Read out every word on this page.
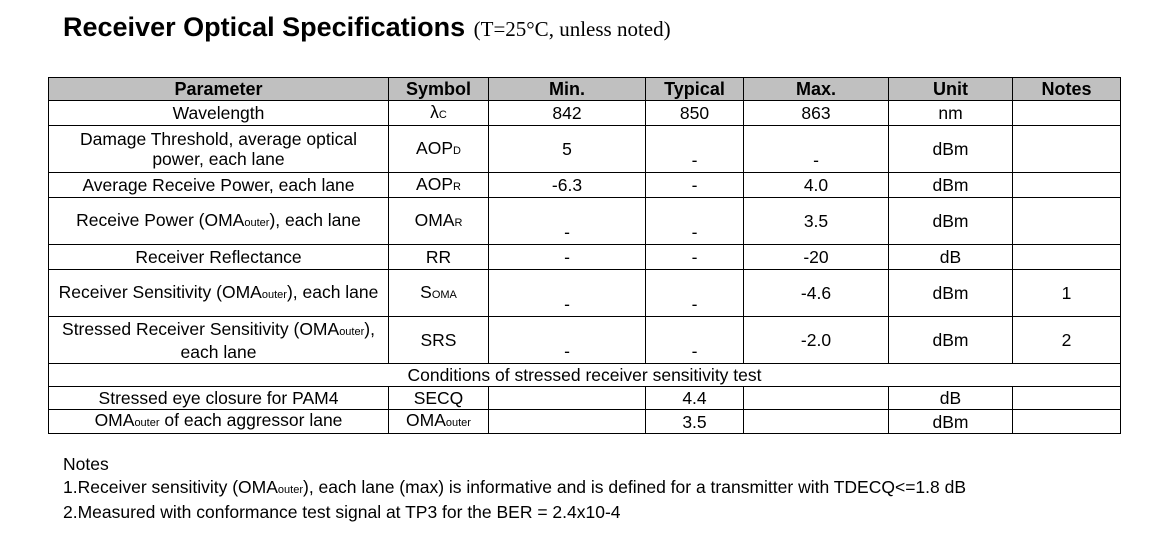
Receiver Optical Specifications (T=25°C, unless noted)
Parameter	Symbol	Min.	Typical	Max.	Unit	Notes
Wavelength	λC	842	850	863	nm	
Damage Threshold, average optical power, each lane	AOPD	5	-	-	dBm	
Average Receive Power, each lane	AOPR	-6.3	-	4.0	dBm	
Receive Power (OMAouter), each lane	OMAR	-	-	3.5	dBm	
Receiver Reflectance	RR	-	-	-20	dB	
Receiver Sensitivity (OMAouter), each lane	SOMA	-	-	-4.6	dBm	1
Stressed Receiver Sensitivity (OMAouter), each lane	SRS	-	-	-2.0	dBm	2
Conditions of stressed receiver sensitivity test						
Stressed eye closure for PAM4	SECQ		4.4		dB	
OMAouter of each aggressor lane	OMAouter		3.5		dBm	
Notes
1.Receiver sensitivity (OMAouter), each lane (max) is informative and is defined for a transmitter with TDECQ<=1.8 dB
2.Measured with conformance test signal at TP3 for the BER = 2.4x10-4
